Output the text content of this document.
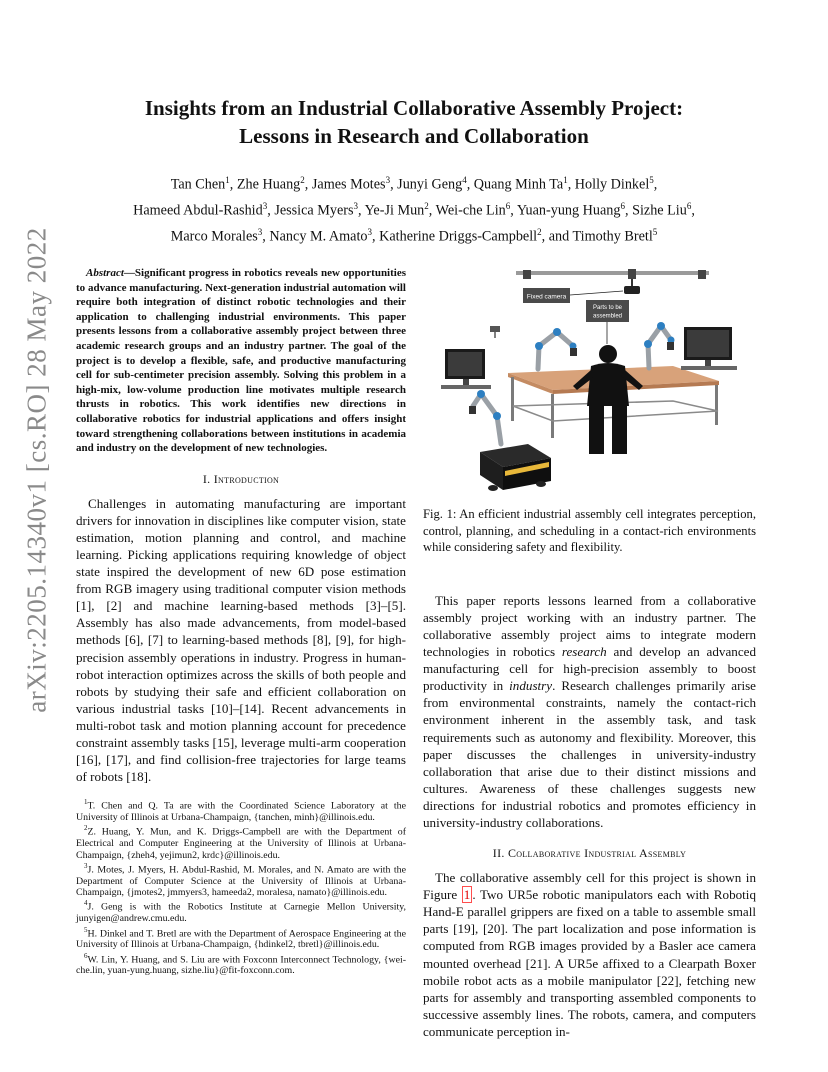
arXiv:2205.14340v1 [cs.RO] 28 May 2022
Insights from an Industrial Collaborative Assembly Project:
Lessons in Research and Collaboration
Tan Chen$^1$, Zhe Huang$^2$, James Motes$^3$, Junyi Geng$^4$, Quang Minh Ta$^1$, Holly Dinkel$^5$,
Hameed Abdul-Rashid$^3$, Jessica Myers$^3$, Ye-Ji Mun$^2$, Wei-che Lin$^6$, Yuan-yung Huang$^6$, Sizhe Liu$^6$,
Marco Morales$^3$, Nancy M. Amato$^3$, Katherine Driggs-Campbell$^2$, and Timothy Bretl$^5$

Abstract—Significant progress in robotics reveals new opportunities to advance manufacturing. Next-generation industrial automation will require both integration of distinct robotic technologies and their application to challenging industrial environments. This paper presents lessons from a collaborative assembly project between three academic research groups and an industry partner. The goal of the project is to develop a flexible, safe, and productive manufacturing cell for sub-centimeter precision assembly. Solving this problem in a high-mix, low-volume production line motivates multiple research thrusts in robotics. This work identifies new directions in collaborative robotics for industrial applications and offers insight toward strengthening collaborations between institutions in academia and industry on the development of new technologies.

I. Introduction

Challenges in automating manufacturing are important drivers for innovation in disciplines like computer vision, state estimation, motion planning and control, and machine learning. Picking applications requiring knowledge of object state inspired the development of new 6D pose estimation from RGB imagery using traditional computer vision methods [1], [2] and machine learning-based methods [3]–[5]. Assembly has also made advancements, from model-based methods [6], [7] to learning-based methods [8], [9], for high-precision assembly operations in industry. Progress in human-robot interaction optimizes across the skills of both people and robots by studying their safe and efficient collaboration on various industrial tasks [10]–[14]. Recent advancements in multi-robot task and motion planning account for precedence constraint assembly tasks [15], leverage multi-arm cooperation [16], [17], and find collision-free trajectories for large teams of robots [18].

$^1$T. Chen and Q. Ta are with the Coordinated Science Laboratory at the University of Illinois at Urbana-Champaign, {tanchen, minh}@illinois.edu.

$^2$Z. Huang, Y. Mun, and K. Driggs-Campbell are with the Department of Electrical and Computer Engineering at the University of Illinois at Urbana-Champaign, {zheh4, yejimun2, krdc}@illinois.edu.

$^3$J. Motes, J. Myers, H. Abdul-Rashid, M. Morales, and N. Amato are with the Department of Computer Science at the University of Illinois at Urbana-Champaign, {jmotes2, jmmyers3, hameeda2, moralesa, namato}@illinois.edu.

$^4$J. Geng is with the Robotics Institute at Carnegie Mellon University, junyigen@andrew.cmu.edu.

$^5$H. Dinkel and T. Bretl are with the Department of Aerospace Engineering at the University of Illinois at Urbana-Champaign, {hdinkel2, tbretl}@illinois.edu.

$^6$W. Lin, Y. Huang, and S. Liu are with Foxconn Interconnect Technology, {wei-che.lin, yuan-yung.huang, sizhe.liu}@fit-foxconn.com.

Fixed camera
Parts to be
assembled

Fig. 1: An efficient industrial assembly cell integrates perception, control, planning, and scheduling in a contact-rich environments while considering safety and flexibility.

This paper reports lessons learned from a collaborative assembly project working with an industry partner. The collaborative assembly project aims to integrate modern technologies in robotics research and develop an advanced manufacturing cell for high-precision assembly to boost productivity in industry. Research challenges primarily arise from environmental constraints, namely the contact-rich environment inherent in the assembly task, and task requirements such as autonomy and flexibility. Moreover, this paper discusses the challenges in university-industry collaboration that arise due to their distinct missions and cultures. Awareness of these challenges suggests new directions for industrial robotics and promotes efficiency in university-industry collaborations.

II. Collaborative Industrial Assembly

The collaborative assembly cell for this project is shown in Figure 1 . Two UR5e robotic manipulators each with Robotiq Hand-E parallel grippers are fixed on a table to assemble small parts [19], [20]. The part localization and pose information is computed from RGB images provided by a Basler ace camera mounted overhead [21]. A UR5e affixed to a Clearpath Boxer mobile robot acts as a mobile manipulator [22], fetching new parts for assembly and transporting assembled components to successive assembly lines. The robots, camera, and computers communicate perception in-
